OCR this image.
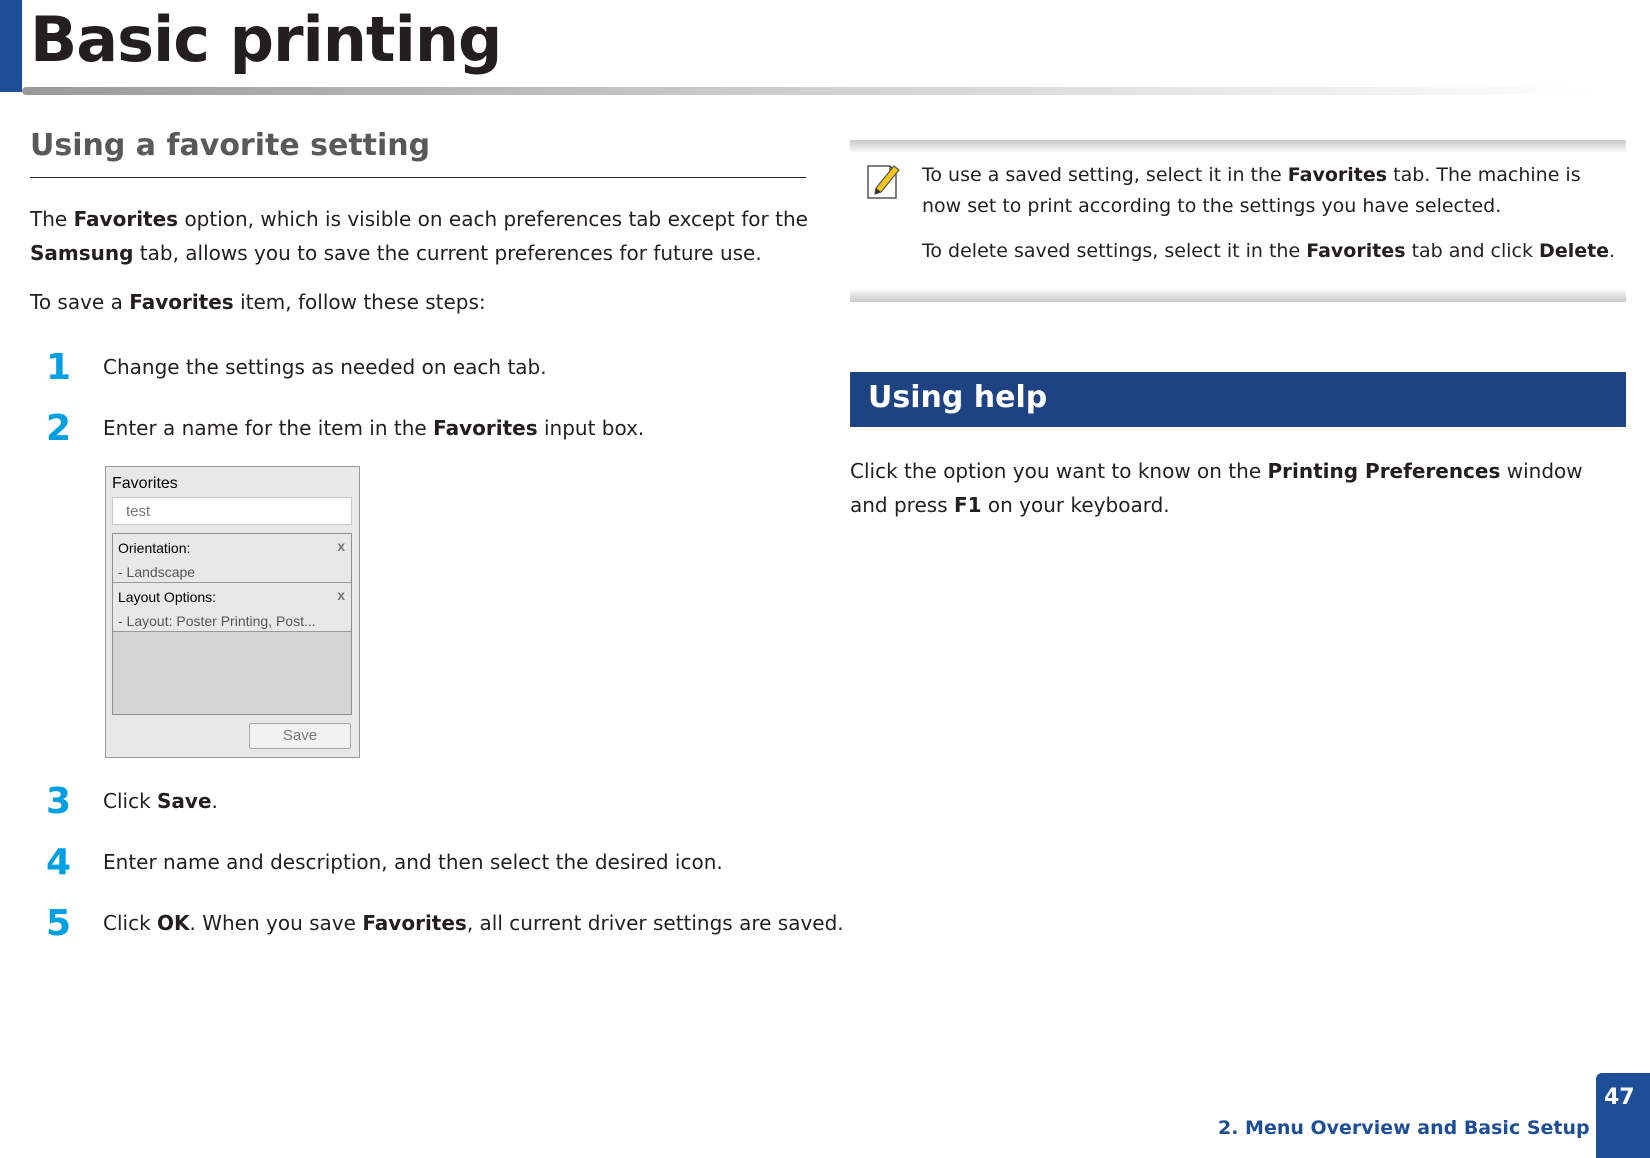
Basic printing
Using a favorite setting
The Favorites option, which is visible on each preferences tab except for the Samsung tab, allows you to save the current preferences for future use.
To save a Favorites item, follow these steps:
1 Change the settings as needed on each tab.
2 Enter a name for the item in the Favorites input box.
Favorites
test
Orientation:
- Landscape
x
Layout Options:
- Layout: Poster Printing, Post...
x
Save
3 Click Save.
4 Enter name and description, and then select the desired icon.
5 Click OK. When you save Favorites, all current driver settings are saved.
To use a saved setting, select it in the Favorites tab. The machine is now set to print according to the settings you have selected.
To delete saved settings, select it in the Favorites tab and click Delete.
Using help
Click the option you want to know on the Printing Preferences window and press F1 on your keyboard.
2. Menu Overview and Basic Setup
47
